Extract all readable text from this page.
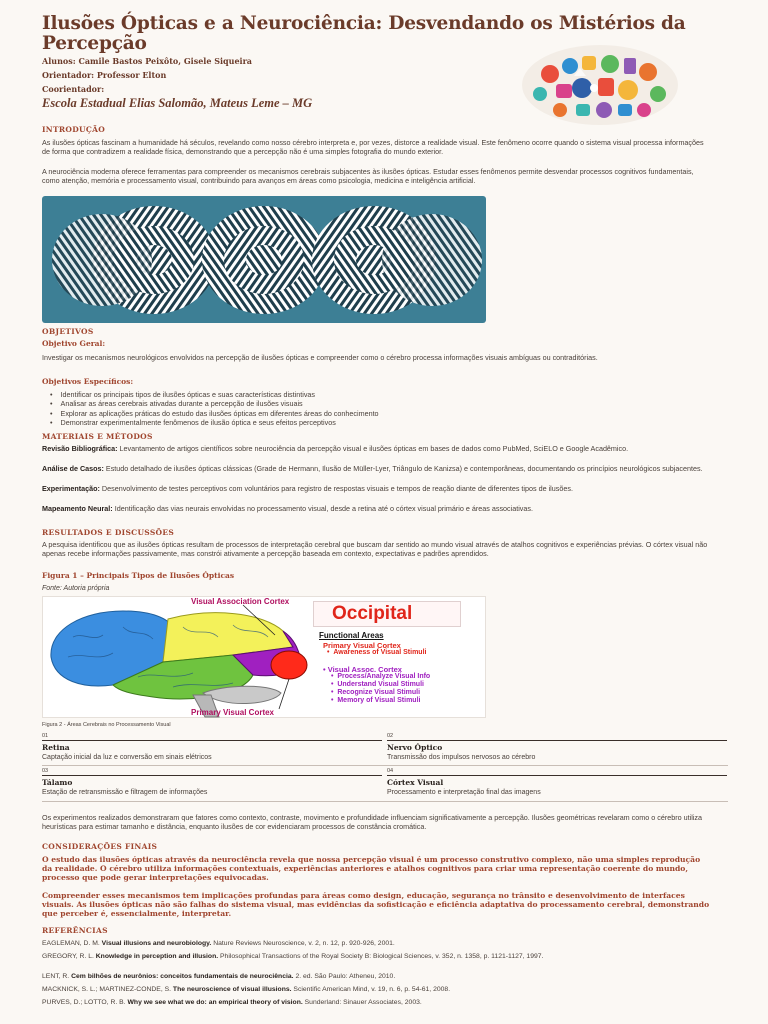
Ilusões Ópticas e a Neurociência: Desvendando os Mistérios da Percepção
Alunos: Camile Bastos Peixôto, Gisele Siqueira
Orientador: Professor Elton
Coorientador:
Escola Estadual Elias Salomão, Mateus Leme – MG
INTRODUÇÃO
As ilusões ópticas fascinam a humanidade há séculos, revelando como nosso cérebro interpreta e, por vezes, distorce a realidade visual. Este fenômeno ocorre quando o sistema visual processa informações de forma que contradizem a realidade física, demonstrando que a percepção não é uma simples fotografia do mundo exterior.
A neurociência moderna oferece ferramentas para compreender os mecanismos cerebrais subjacentes às ilusões ópticas. Estudar esses fenômenos permite desvendar processos cognitivos fundamentais, como atenção, memória e processamento visual, contribuindo para avanços em áreas como psicologia, medicina e inteligência artificial.
OBJETIVOS
Objetivo Geral:
Investigar os mecanismos neurológicos envolvidos na percepção de ilusões ópticas e compreender como o cérebro processa informações visuais ambíguas ou contraditórias.
Objetivos Específicos:
• Identificar os principais tipos de ilusões ópticas e suas características distintivas
• Analisar as áreas cerebrais ativadas durante a percepção de ilusões visuais
• Explorar as aplicações práticas do estudo das ilusões ópticas em diferentes áreas do conhecimento
• Demonstrar experimentalmente fenômenos de ilusão óptica e seus efeitos perceptivos
MATERIAIS E MÉTODOS
Revisão Bibliográfica: Levantamento de artigos científicos sobre neurociência da percepção visual e ilusões ópticas em bases de dados como PubMed, SciELO e Google Acadêmico.
Análise de Casos: Estudo detalhado de ilusões ópticas clássicas (Grade de Hermann, Ilusão de Müller-Lyer, Triângulo de Kanizsa) e contemporâneas, documentando os princípios neurológicos subjacentes.
Experimentação: Desenvolvimento de testes perceptivos com voluntários para registro de respostas visuais e tempos de reação diante de diferentes tipos de ilusões.
Mapeamento Neural: Identificação das vias neurais envolvidas no processamento visual, desde a retina até o córtex visual primário e áreas associativas.
RESULTADOS E DISCUSSÕES
A pesquisa identificou que as ilusões ópticas resultam de processos de interpretação cerebral que buscam dar sentido ao mundo visual através de atalhos cognitivos e experiências prévias. O córtex visual não apenas recebe informações passivamente, mas constrói ativamente a percepção baseada em contexto, expectativas e padrões aprendidos.
Figura 1 – Principais Tipos de Ilusões Ópticas
Fonte: Autoria própria
Visual Association Cortex
Occipital
Functional Areas
Primary Visual Cortex
•  Awareness of Visual Stimuli
• Visual Assoc. Cortex
•  Process/Analyze Visual Info
•  Understand Visual Stimuli
•  Recognize Visual Stimuli
•  Memory of Visual Stimuli
Primary Visual Cortex
Figura 2 - Áreas Cerebrais no Processamento Visual
01
Retina
Captação inicial da luz e conversão em sinais elétricos
02
Nervo Óptico
Transmissão dos impulsos nervosos ao cérebro
03
Tálamo
Estação de retransmissão e filtragem de informações
04
Córtex Visual
Processamento e interpretação final das imagens
Os experimentos realizados demonstraram que fatores como contexto, contraste, movimento e profundidade influenciam significativamente a percepção. Ilusões geométricas revelaram como o cérebro utiliza heurísticas para estimar tamanho e distância, enquanto ilusões de cor evidenciaram processos de constância cromática.
CONSIDERAÇÕES FINAIS
O estudo das ilusões ópticas através da neurociência revela que nossa percepção visual é um processo construtivo complexo, não uma simples reprodução da realidade. O cérebro utiliza informações contextuais, experiências anteriores e atalhos cognitivos para criar uma representação coerente do mundo, processo que pode gerar interpretações equivocadas.
Compreender esses mecanismos tem implicações profundas para áreas como design, educação, segurança no trânsito e desenvolvimento de interfaces visuais. As ilusões ópticas não são falhas do sistema visual, mas evidências da sofisticação e eficiência adaptativa do processamento cerebral, demonstrando que perceber é, essencialmente, interpretar.
REFERÊNCIAS
EAGLEMAN, D. M. Visual illusions and neurobiology. Nature Reviews Neuroscience, v. 2, n. 12, p. 920-926, 2001.
GREGORY, R. L. Knowledge in perception and illusion. Philosophical Transactions of the Royal Society B: Biological Sciences, v. 352, n. 1358, p. 1121-1127, 1997.
LENT, R. Cem bilhões de neurônios: conceitos fundamentais de neurociência. 2. ed. São Paulo: Atheneu, 2010.
MACKNICK, S. L.; MARTINEZ-CONDE, S. The neuroscience of visual illusions. Scientific American Mind, v. 19, n. 6, p. 54-61, 2008.
PURVES, D.; LOTTO, R. B. Why we see what we do: an empirical theory of vision. Sunderland: Sinauer Associates, 2003.
